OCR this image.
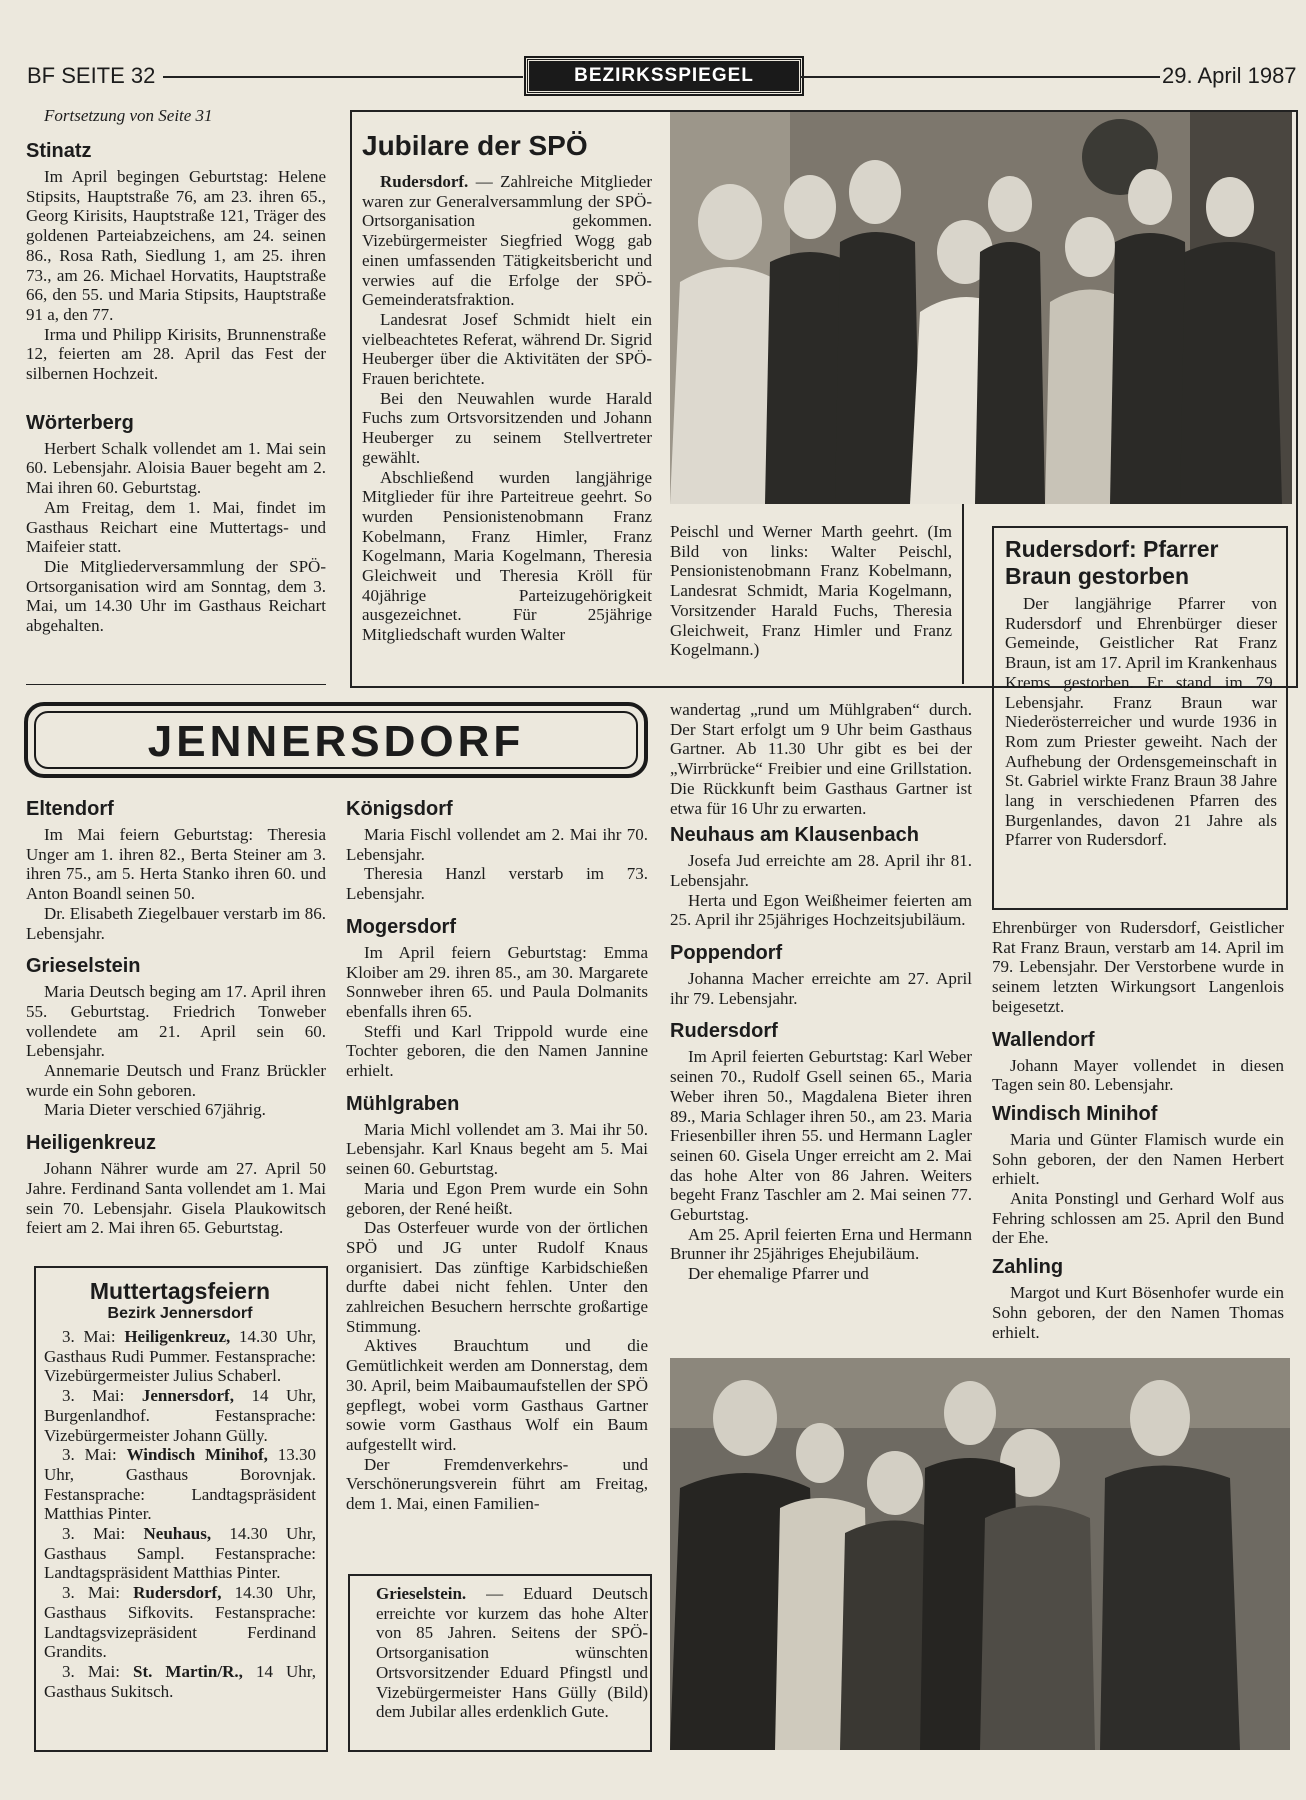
BF SEITE 32	BEZIRKSSPIEGEL	29. April 1987
Fortsetzung von Seite 31
Stinatz

Im April begingen Geburtstag: Helene Stipsits, Hauptstraße 76, am 23. ihren 65., Georg Kirisits, Hauptstraße 121, Träger des goldenen Parteiabzeichens, am 24. seinen 86., Rosa Rath, Siedlung 1, am 25. ihren 73., am 26. Michael Horvatits, Hauptstraße 66, den 55. und Maria Stipsits, Hauptstraße 91 a, den 77.

Irma und Philipp Kirisits, Brunnenstraße 12, feierten am 28. April das Fest der silbernen Hochzeit.

Wörterberg

Herbert Schalk vollendet am 1. Mai sein 60. Lebensjahr. Aloisia Bauer begeht am 2. Mai ihren 60. Geburtstag.

Am Freitag, dem 1. Mai, findet im Gasthaus Reichart eine Muttertags- und Maifeier statt.

Die Mitgliederversammlung der SPÖ-Ortsorganisation wird am Sonntag, dem 3. Mai, um 14.30 Uhr im Gasthaus Reichart abgehalten.

Jubilare der SPÖ

Rudersdorf. — Zahlreiche Mitglieder waren zur Generalversammlung der SPÖ-Ortsorganisation gekommen. Vizebürgermeister Siegfried Wogg gab einen umfassenden Tätigkeitsbericht und verwies auf die Erfolge der SPÖ-Gemeinderatsfraktion.

Landesrat Josef Schmidt hielt ein vielbeachtetes Referat, während Dr. Sigrid Heuberger über die Aktivitäten der SPÖ-Frauen berichtete.

Bei den Neuwahlen wurde Harald Fuchs zum Ortsvorsitzenden und Johann Heuberger zu seinem Stellvertreter gewählt.

Abschließend wurden langjährige Mitglieder für ihre Parteitreue geehrt. So wurden Pensionistenobmann Franz Kobelmann, Franz Himler, Franz Kogelmann, Maria Kogelmann, Theresia Gleichweit und Theresia Kröll für 40jährige Parteizugehörigkeit ausgezeichnet. Für 25jährige Mitgliedschaft wurden Walter

Peischl und Werner Marth geehrt. (Im Bild von links: Walter Peischl, Pensionistenobmann Franz Kobelmann, Landesrat Schmidt, Maria Kogelmann, Vorsitzender Harald Fuchs, Theresia Gleichweit, Franz Himler und Franz Kogelmann.)

Rudersdorf: Pfarrer Braun gestorben

Der langjährige Pfarrer von Rudersdorf und Ehrenbürger dieser Gemeinde, Geistlicher Rat Franz Braun, ist am 17. April im Krankenhaus Krems gestorben. Er stand im 79. Lebensjahr. Franz Braun war Niederösterreicher und wurde 1936 in Rom zum Priester geweiht. Nach der Aufhebung der Ordensgemeinschaft in St. Gabriel wirkte Franz Braun 38 Jahre lang in verschiedenen Pfarren des Burgenlandes, davon 21 Jahre als Pfarrer von Rudersdorf.

JENNERSDORF
Eltendorf

Im Mai feiern Geburtstag: Theresia Unger am 1. ihren 82., Berta Steiner am 3. ihren 75., am 5. Herta Stanko ihren 60. und Anton Boandl seinen 50.

Dr. Elisabeth Ziegelbauer verstarb im 86. Lebensjahr.

Grieselstein

Maria Deutsch beging am 17. April ihren 55. Geburtstag. Friedrich Tonweber vollendete am 21. April sein 60. Lebensjahr.

Annemarie Deutsch und Franz Brückler wurde ein Sohn geboren.

Maria Dieter verschied 67jährig.

Heiligenkreuz

Johann Nährer wurde am 27. April 50 Jahre. Ferdinand Santa vollendet am 1. Mai sein 70. Lebensjahr. Gisela Plaukowitsch feiert am 2. Mai ihren 65. Geburtstag.

Muttertagsfeiern
Bezirk Jennersdorf

3. Mai: Heiligenkreuz, 14.30 Uhr, Gasthaus Rudi Pummer. Festansprache: Vizebürgermeister Julius Schaberl.

3. Mai: Jennersdorf, 14 Uhr, Burgenlandhof. Festansprache: Vizebürgermeister Johann Gülly.

3. Mai: Windisch Minihof, 13.30 Uhr, Gasthaus Borovnjak. Festansprache: Landtagspräsident Matthias Pinter.

3. Mai: Neuhaus, 14.30 Uhr, Gasthaus Sampl. Festansprache: Landtagspräsident Matthias Pinter.

3. Mai: Rudersdorf, 14.30 Uhr, Gasthaus Sifkovits. Festansprache: Landtagsvizepräsident Ferdinand Grandits.

3. Mai: St. Martin/R., 14 Uhr, Gasthaus Sukitsch.

Königsdorf

Maria Fischl vollendet am 2. Mai ihr 70. Lebensjahr.

Theresia Hanzl verstarb im 73. Lebensjahr.

Mogersdorf

Im April feiern Geburtstag: Emma Kloiber am 29. ihren 85., am 30. Margarete Sonnweber ihren 65. und Paula Dolmanits ebenfalls ihren 65.

Steffi und Karl Trippold wurde eine Tochter geboren, die den Namen Jannine erhielt.

Mühlgraben

Maria Michl vollendet am 3. Mai ihr 50. Lebensjahr. Karl Knaus begeht am 5. Mai seinen 60. Geburtstag.

Maria und Egon Prem wurde ein Sohn geboren, der René heißt.

Das Osterfeuer wurde von der örtlichen SPÖ und JG unter Rudolf Knaus organisiert. Das zünftige Karbidschießen durfte dabei nicht fehlen. Unter den zahlreichen Besuchern herrschte großartige Stimmung.

Aktives Brauchtum und die Gemütlichkeit werden am Donnerstag, dem 30. April, beim Maibaumaufstellen der SPÖ gepflegt, wobei vorm Gasthaus Gartner sowie vorm Gasthaus Wolf ein Baum aufgestellt wird.

Der Fremdenverkehrs- und Verschönerungsverein führt am Freitag, dem 1. Mai, einen Familien-

Grieselstein. — Eduard Deutsch erreichte vor kurzem das hohe Alter von 85 Jahren. Seitens der SPÖ-Ortsorganisation wünschten Ortsvorsitzender Eduard Pfingstl und Vizebürgermeister Hans Gülly (Bild) dem Jubilar alles erdenklich Gute.

wandertag „rund um Mühlgraben“ durch. Der Start erfolgt um 9 Uhr beim Gasthaus Gartner. Ab 11.30 Uhr gibt es bei der „Wirrbrücke“ Freibier und eine Grillstation. Die Rückkunft beim Gasthaus Gartner ist etwa für 16 Uhr zu erwarten.

Neuhaus am Klausenbach

Josefa Jud erreichte am 28. April ihr 81. Lebensjahr.

Herta und Egon Weißheimer feierten am 25. April ihr 25jähriges Hochzeitsjubiläum.

Poppendorf

Johanna Macher erreichte am 27. April ihr 79. Lebensjahr.

Rudersdorf

Im April feierten Geburtstag: Karl Weber seinen 70., Rudolf Gsell seinen 65., Maria Weber ihren 50., Magdalena Bieter ihren 89., Maria Schlager ihren 50., am 23. Maria Friesenbiller ihren 55. und Hermann Lagler seinen 60. Gisela Unger erreicht am 2. Mai das hohe Alter von 86 Jahren. Weiters begeht Franz Taschler am 2. Mai seinen 77. Geburtstag.

Am 25. April feierten Erna und Hermann Brunner ihr 25jähriges Ehejubiläum.

Der ehemalige Pfarrer und

Ehrenbürger von Rudersdorf, Geistlicher Rat Franz Braun, verstarb am 14. April im 79. Lebensjahr. Der Verstorbene wurde in seinem letzten Wirkungsort Langenlois beigesetzt.

Wallendorf

Johann Mayer vollendet in diesen Tagen sein 80. Lebensjahr.

Windisch Minihof

Maria und Günter Flamisch wurde ein Sohn geboren, der den Namen Herbert erhielt.

Anita Ponstingl und Gerhard Wolf aus Fehring schlossen am 25. April den Bund der Ehe.

Zahling

Margot und Kurt Bösenhofer wurde ein Sohn geboren, der den Namen Thomas erhielt.
